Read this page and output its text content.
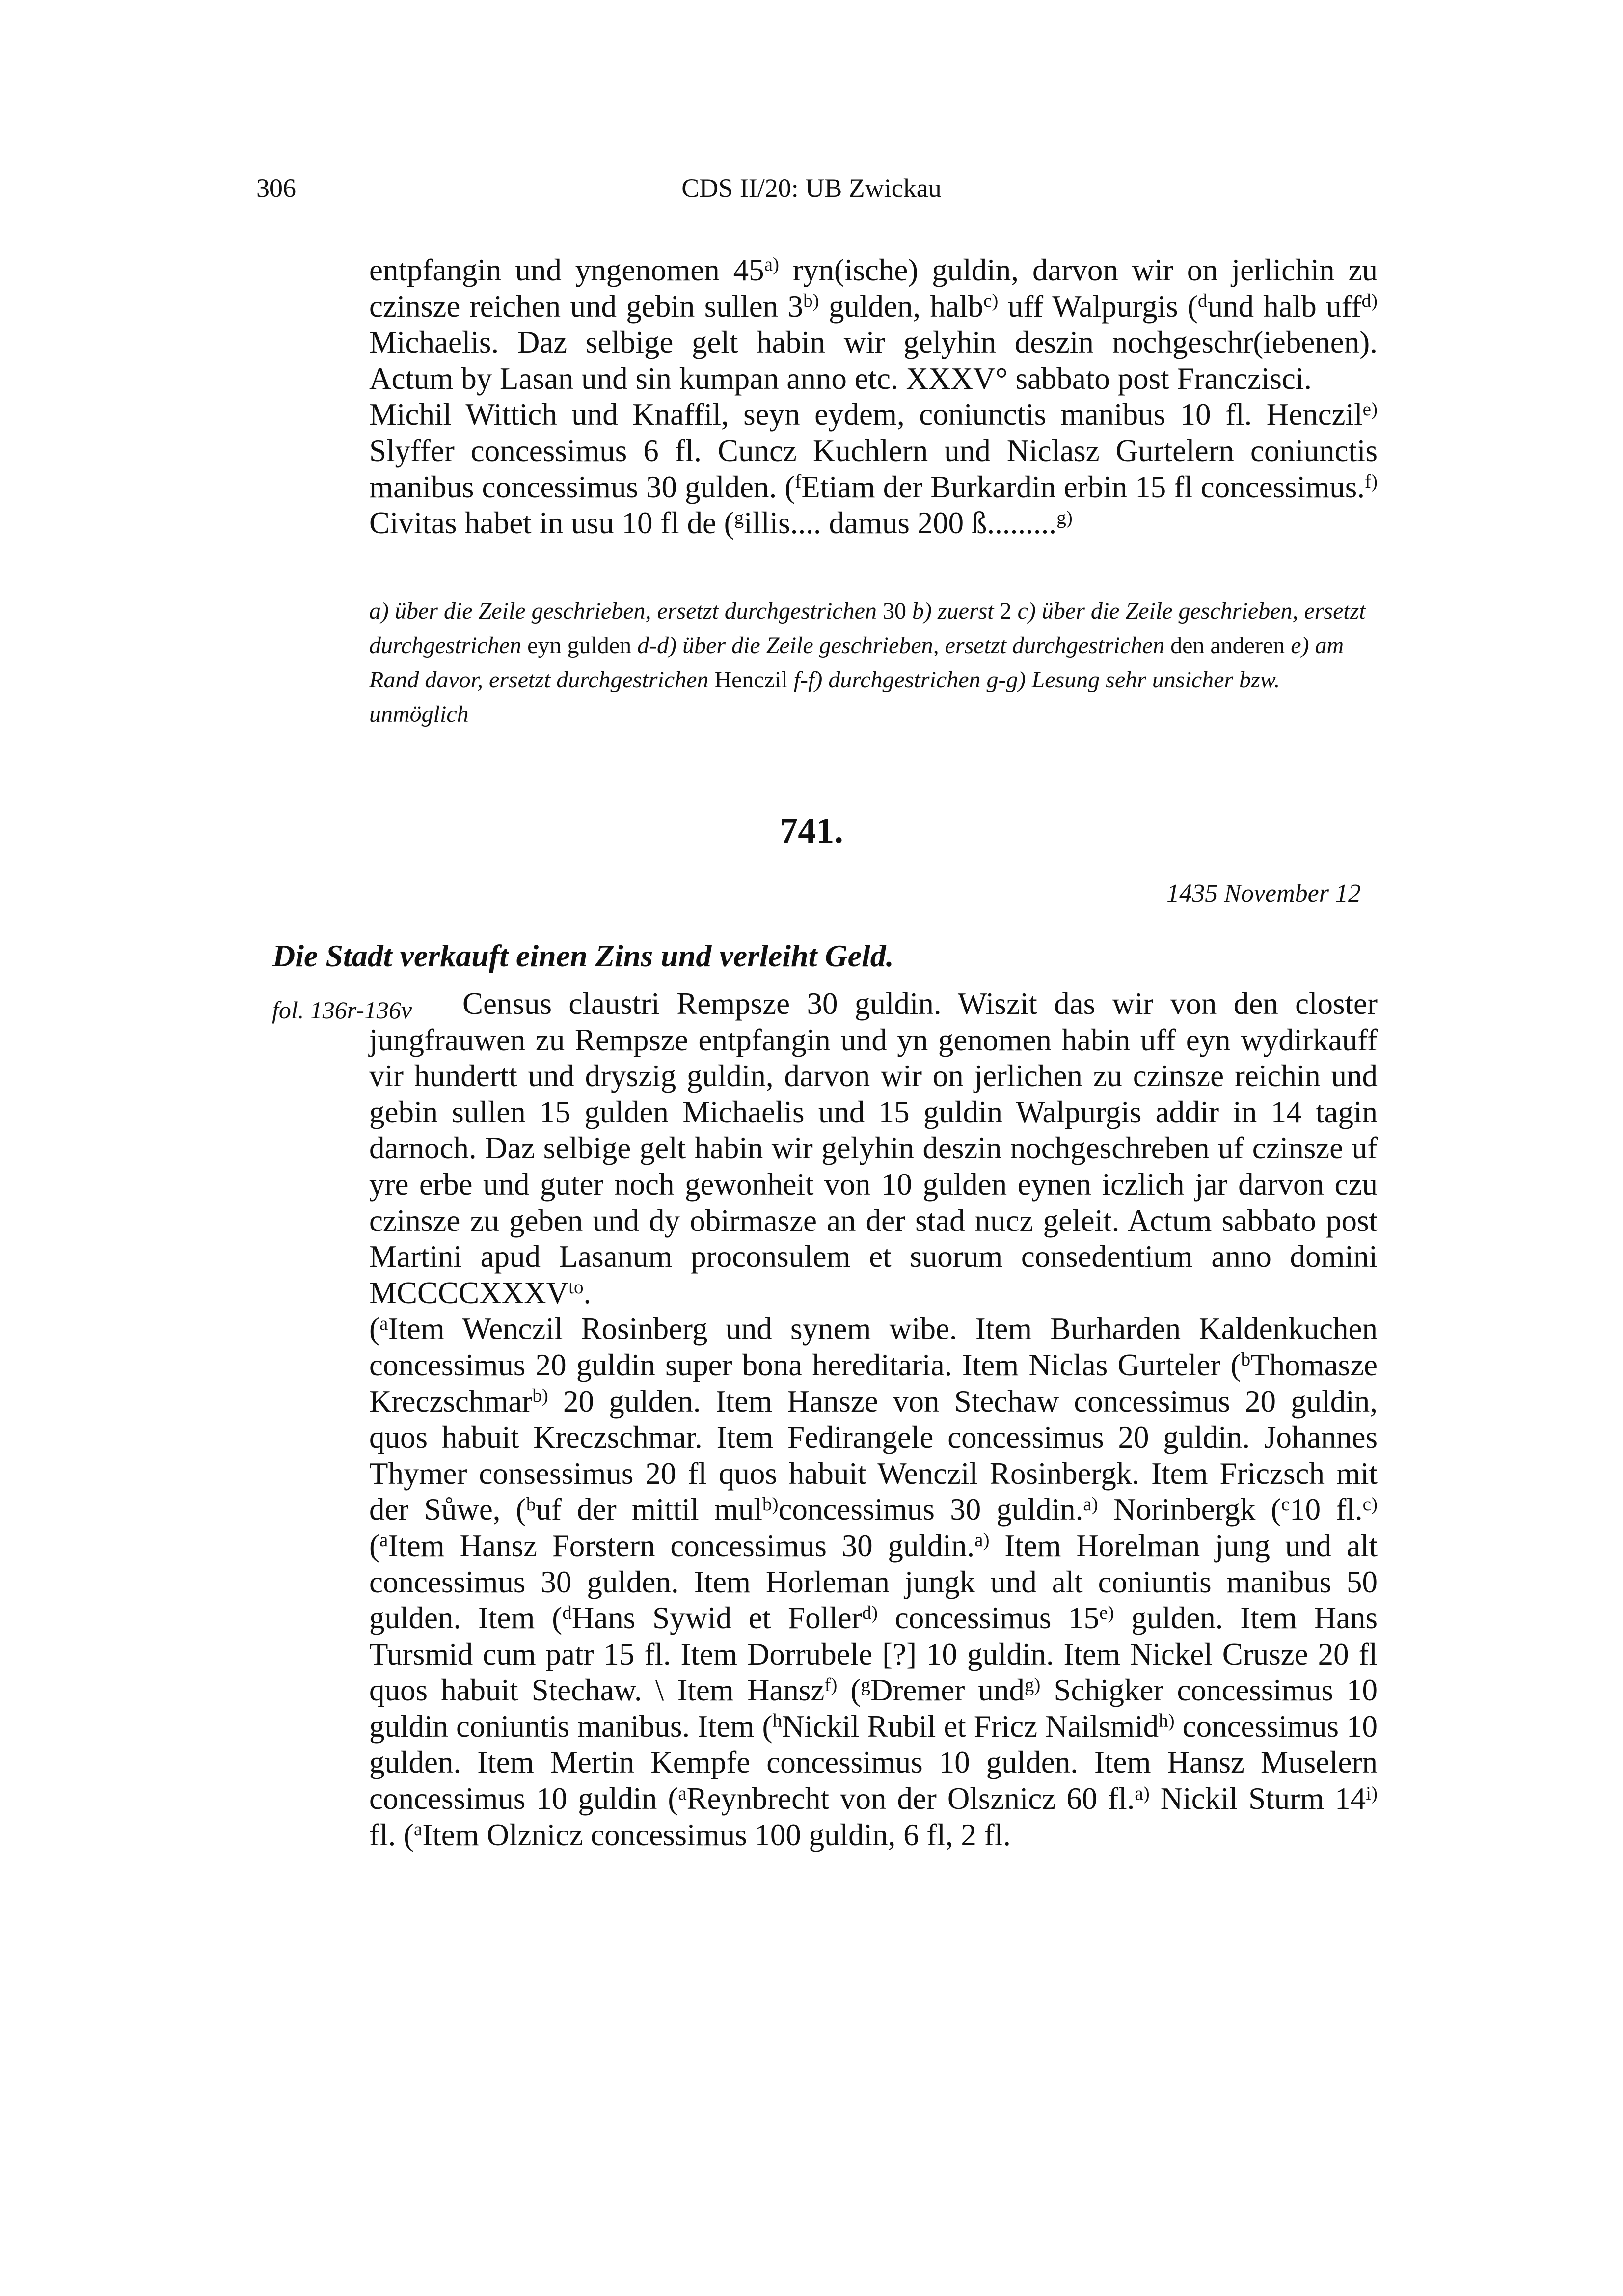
306	CDS II/20: UB Zwickau

entpfangin und yngenomen 45$^{a)}$ ryn(ische) guldin, darvon wir on jerlichin zu czinsze reichen und gebin sullen 3$^{b)}$ gulden, halb$^{c)}$ uff Walpurgis ($^d$und halb uff$^{d)}$ Michaelis. Daz selbige gelt habin wir gelyhin deszin nochgeschr(iebenen). Actum by Lasan und sin kumpan anno etc. XXXV° sabbato post Franczisci.

Michil Wittich und Knaffil, seyn eydem, coniunctis manibus 10 fl. Henczil$^{e)}$ Slyffer concessimus 6 fl. Cuncz Kuchlern und Niclasz Gurtelern coniunctis manibus concessimus 30 gulden. ($^f$Etiam der Burkardin erbin 15 fl concessimus.$^{f)}$ Civitas habet in usu 10 fl de ($^g$illis.... damus 200 ß.........$^{g)}$

a) über die Zeile geschrieben, ersetzt durchgestrichen 30 b) zuerst 2 c) über die Zeile geschrieben, ersetzt durchgestrichen eyn gulden d-d) über die Zeile geschrieben, ersetzt durchgestrichen den anderen e) am Rand davor, ersetzt durchgestrichen Henczil f-f) durchgestrichen g-g) Lesung sehr unsicher bzw. unmöglich

741.
1435 November 12
Die Stadt verkauft einen Zins und verleiht Geld.
fol. 136r-136v Census claustri Rempsze 30 guldin. Wiszit das wir von den closter

jungfrauwen zu Rempsze entpfangin und yn genomen habin uff eyn wydirkauff vir hundertt und dryszig guldin, darvon wir on jerlichen zu czinsze reichin und gebin sullen 15 gulden Michaelis und 15 guldin Walpurgis addir in 14 tagin darnoch. Daz selbige gelt habin wir gelyhin deszin nochgeschreben uf czinsze uf yre erbe und guter noch gewonheit von 10 gulden eynen iczlich jar darvon czu czinsze zu geben und dy obirmasze an der stad nucz geleit. Actum sabbato post Martini apud Lasanum proconsulem et suorum consedentium anno domini $MCCCCXXXV^{to}$.

($^a$Item Wenczil Rosinberg und synem wibe. Item Burharden Kaldenkuchen concessimus 20 guldin super bona hereditaria. Item Niclas Gurteler ($^b$Thomasze Kreczschmar$^{b)}$ 20 gulden. Item Hansze von Stechaw concessimus 20 guldin, quos habuit Kreczschmar. Item Fedirangele concessimus 20 guldin. Johannes Thymer consessimus 20 fl quos habuit Wenczil Rosinbergk. Item Friczsch mit der Sůwe, ($^b$uf der mittil mul$^{b)}$concessimus 30 guldin.$^{a)}$ Norinbergk ($^c$10 fl.$^{c)}$ ($^a$Item Hansz Forstern concessimus 30 guldin.$^{a)}$ Item Horelman jung und alt concessimus 30 gulden. Item Horleman jungk und alt coniuntis manibus 50 gulden. Item ($^d$Hans Sywid et Foller$^{d)}$ concessimus 15$^{e)}$ gulden. Item Hans Tursmid cum patr 15 fl. Item Dorrubele [?] 10 guldin. Item Nickel Crusze 20 fl quos habuit Stechaw. \ Item Hansz$^{f)}$ ($^g$Dremer und$^{g)}$ Schigker concessimus 10 guldin coniuntis manibus. Item ($^h$Nickil Rubil et Fricz Nailsmid$^{h)}$ concessimus 10 gulden. Item Mertin Kempfe concessimus 10 gulden. Item Hansz Muselern concessimus 10 guldin ($^a$Reynbrecht von der Olsznicz 60 fl.$^{a)}$ Nickil Sturm 14$^{i)}$ fl. ($^a$Item Olznicz concessimus 100 guldin, 6 fl, 2 fl.
